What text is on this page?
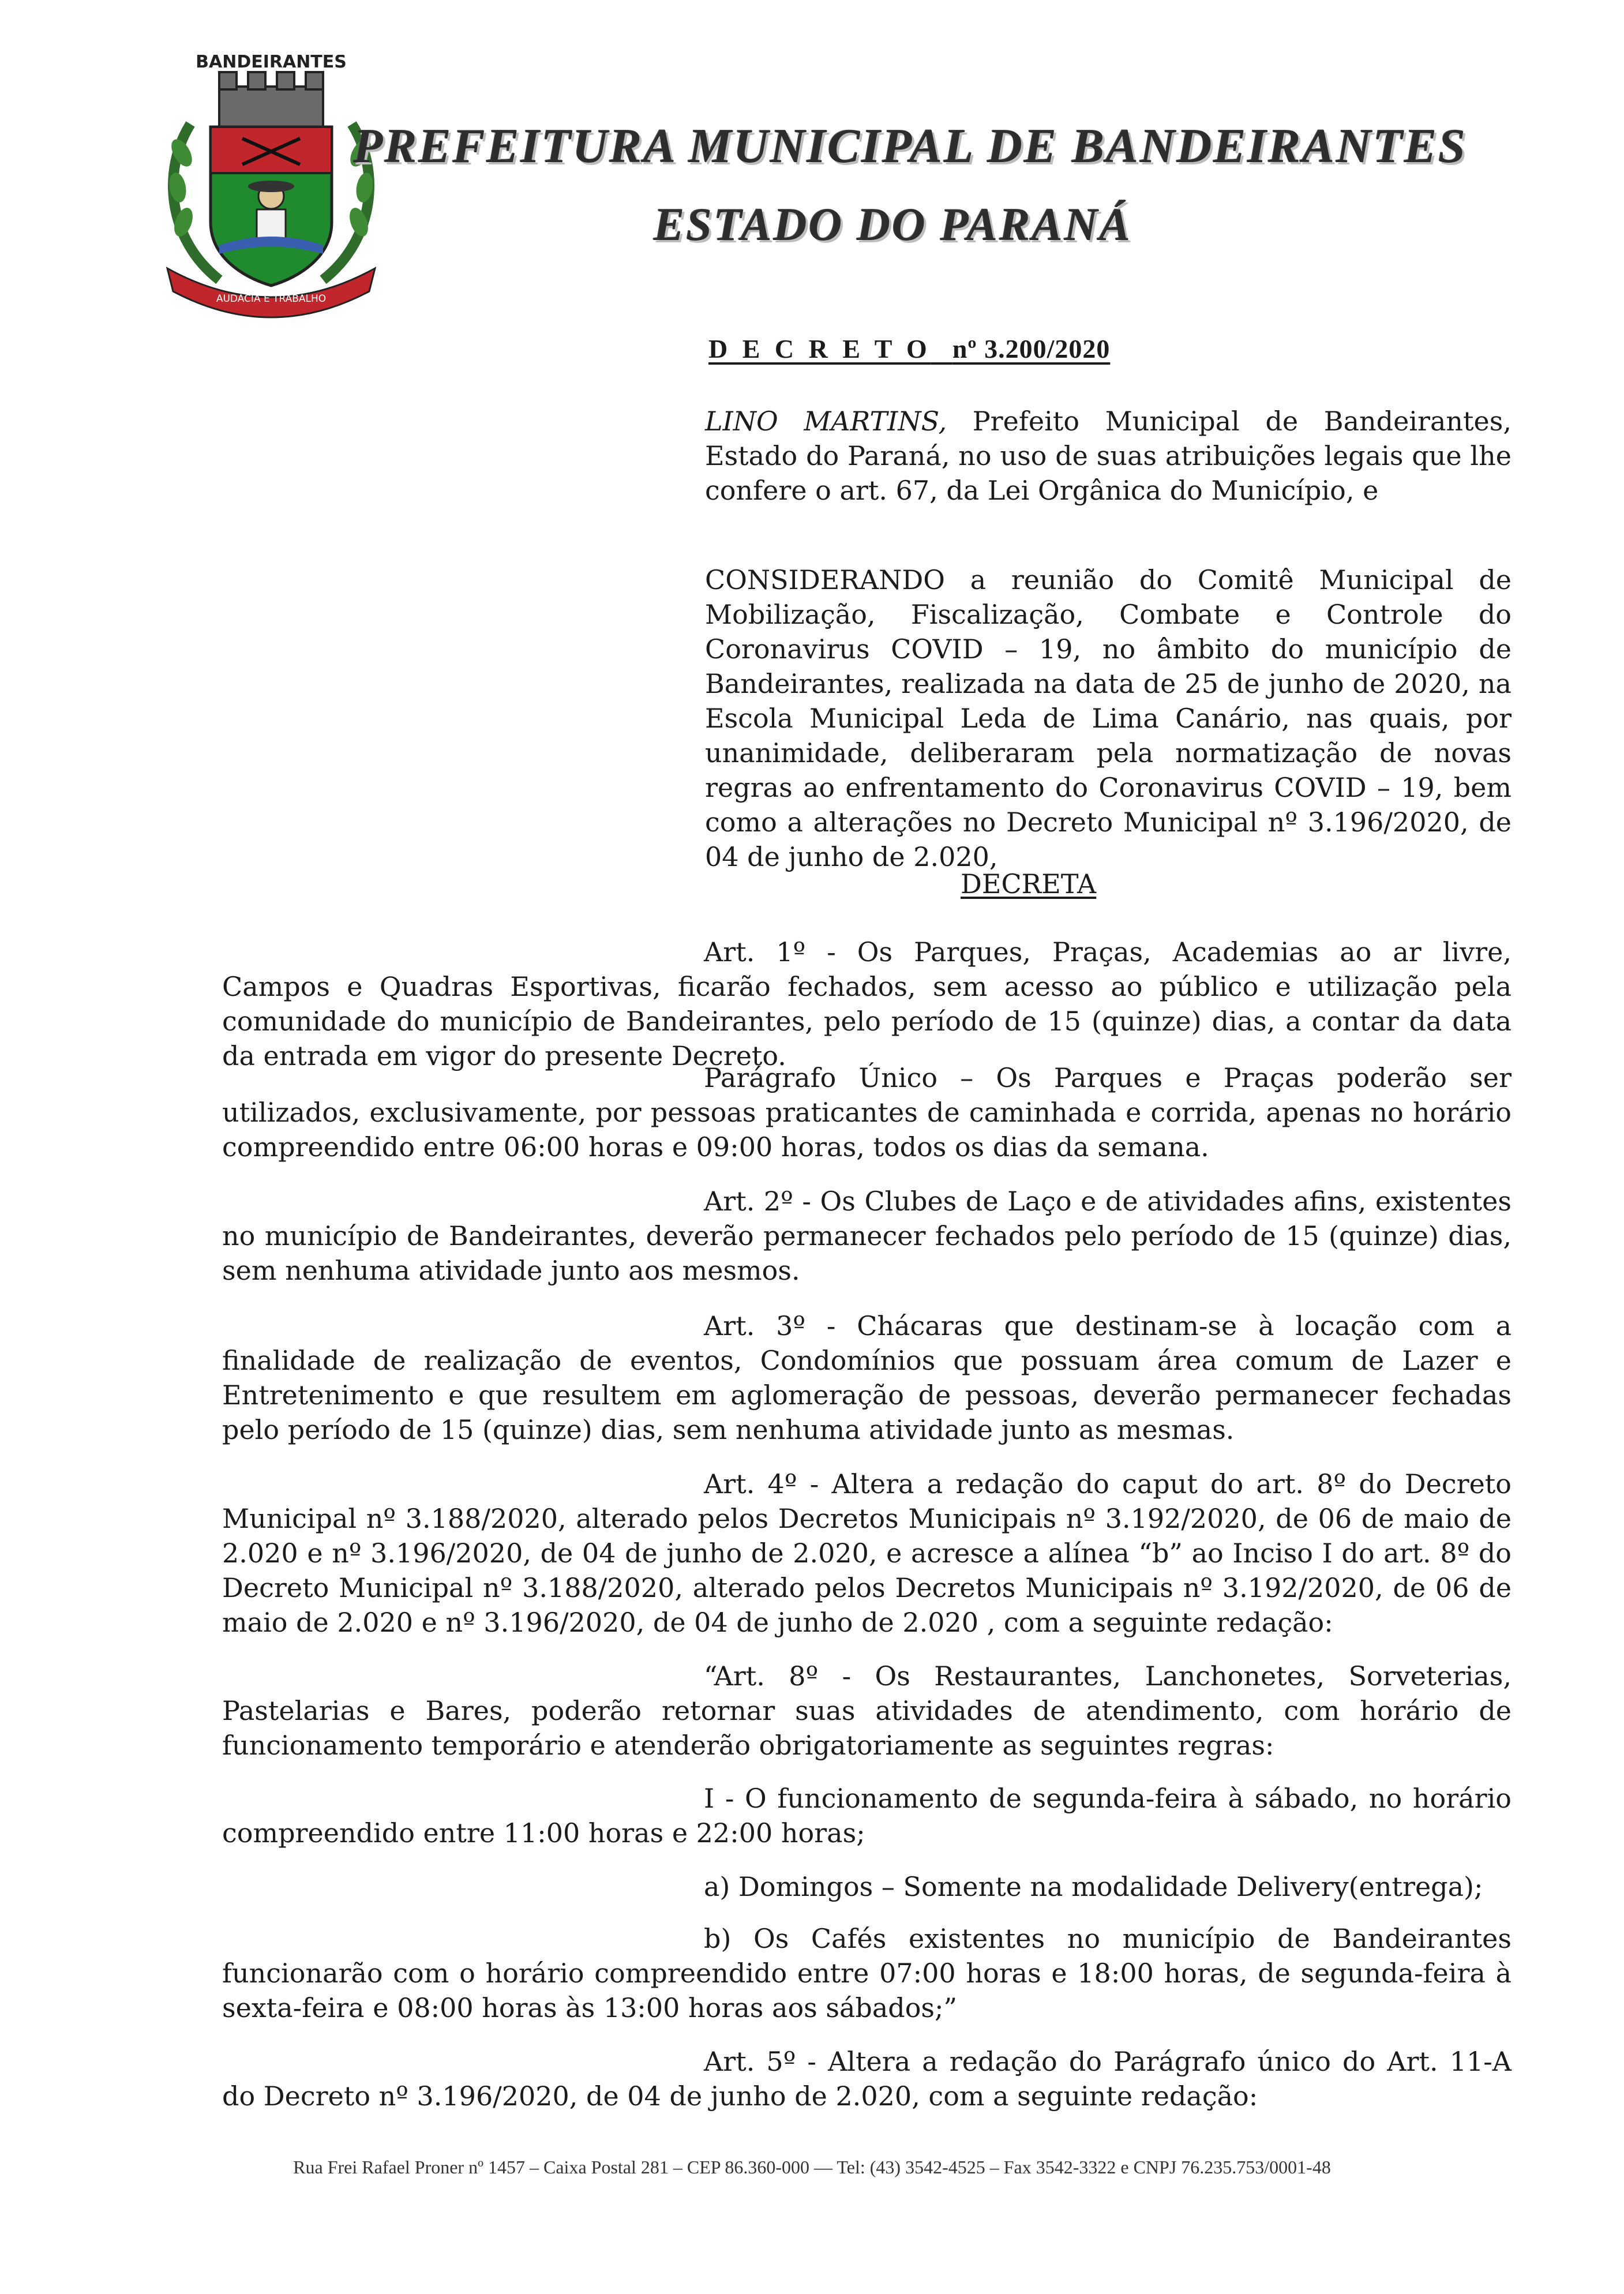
BANDEIRANTES
AUDÁCIA E TRABALHO
PREFEITURA MUNICIPAL DE BANDEIRANTES
ESTADO DO PARANÁ
D E C R E T O nº 3.200/2020

LINO MARTINS, Prefeito Municipal de Bandeirantes, Estado do Paraná, no uso de suas atribuições legais que lhe confere o art. 67, da Lei Orgânica do Município, e

CONSIDERANDO a reunião do Comitê Municipal de Mobilização, Fiscalização, Combate e Controle do Coronavirus COVID – 19, no âmbito do município de Bandeirantes, realizada na data de 25 de junho de 2020, na Escola Municipal Leda de Lima Canário, nas quais, por unanimidade, deliberaram pela normatização de novas regras ao enfrentamento do Coronavirus COVID – 19, bem como a alterações no Decreto Municipal nº 3.196/2020, de 04 de junho de 2.020,

DECRETA

Art. 1º - Os Parques, Praças, Academias ao ar livre, Campos e Quadras Esportivas, ficarão fechados, sem acesso ao público e utilização pela comunidade do município de Bandeirantes, pelo período de 15 (quinze) dias, a contar da data da entrada em vigor do presente Decreto.

Parágrafo Único – Os Parques e Praças poderão ser utilizados, exclusivamente, por pessoas praticantes de caminhada e corrida, apenas no horário compreendido entre 06:00 horas e 09:00 horas, todos os dias da semana.

Art. 2º - Os Clubes de Laço e de atividades afins, existentes no município de Bandeirantes, deverão permanecer fechados pelo período de 15 (quinze) dias, sem nenhuma atividade junto aos mesmos.

Art. 3º - Chácaras que destinam-se à locação com a finalidade de realização de eventos, Condomínios que possuam área comum de Lazer e Entretenimento e que resultem em aglomeração de pessoas, deverão permanecer fechadas pelo período de 15 (quinze) dias, sem nenhuma atividade junto as mesmas.

Art. 4º - Altera a redação do caput do art. 8º do Decreto Municipal nº 3.188/2020, alterado pelos Decretos Municipais nº 3.192/2020, de 06 de maio de 2.020 e nº 3.196/2020, de 04 de junho de 2.020, e acresce a alínea “b” ao Inciso I do art. 8º do Decreto Municipal nº 3.188/2020, alterado pelos Decretos Municipais nº 3.192/2020, de 06 de maio de 2.020 e nº 3.196/2020, de 04 de junho de 2.020 , com a seguinte redação:

“Art. 8º - Os Restaurantes, Lanchonetes, Sorveterias, Pastelarias e Bares, poderão retornar suas atividades de atendimento, com horário de funcionamento temporário e atenderão obrigatoriamente as seguintes regras:

I - O funcionamento de segunda-feira à sábado, no horário compreendido entre 11:00 horas e 22:00 horas;

a) Domingos – Somente na modalidade Delivery(entrega);

b) Os Cafés existentes no município de Bandeirantes funcionarão com o horário compreendido entre 07:00 horas e 18:00 horas, de segunda-feira à sexta-feira e 08:00 horas às 13:00 horas aos sábados;”

Art. 5º - Altera a redação do Parágrafo único do Art. 11-A do Decreto nº 3.196/2020, de 04 de junho de 2.020, com a seguinte redação:

Rua Frei Rafael Proner nº 1457 – Caixa Postal 281 – CEP 86.360-000 — Tel: (43) 3542-4525 – Fax 3542-3322 e CNPJ 76.235.753/0001-48
